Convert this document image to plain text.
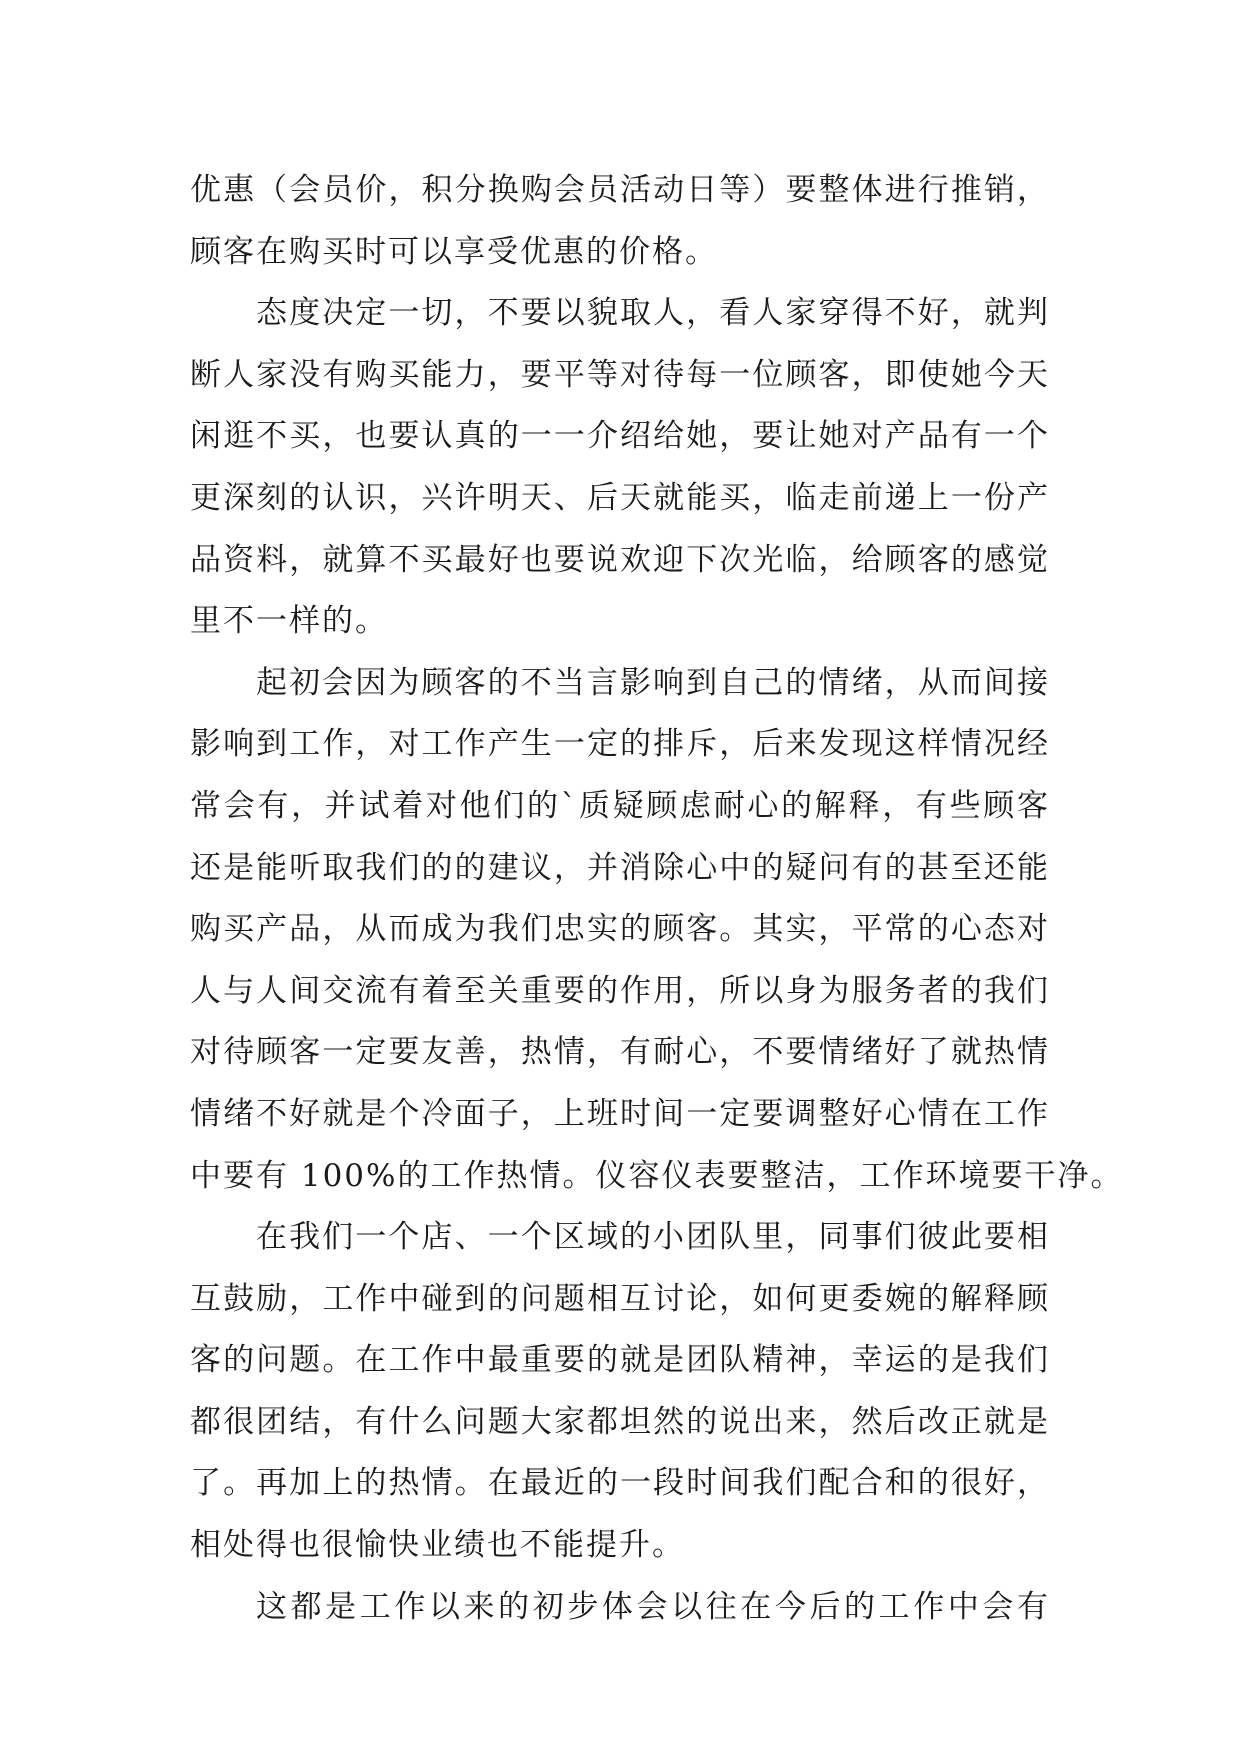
优惠（会员价，积分换购会员活动日等）要整体进行推销，
顾客在购买时可以享受优惠的价格。
态度决定一切，不要以貌取人，看人家穿得不好，就判
断人家没有购买能力，要平等对待每一位顾客，即使她今天
闲逛不买，也要认真的一一介绍给她，要让她对产品有一个
更深刻的认识，兴许明天、后天就能买，临走前递上一份产
品资料，就算不买最好也要说欢迎下次光临，给顾客的感觉
里不一样的。
起初会因为顾客的不当言影响到自己的情绪，从而间接
影响到工作，对工作产生一定的排斥，后来发现这样情况经
常会有，并试着对他们的`质疑顾虑耐心的解释，有些顾客
还是能听取我们的的建议，并消除心中的疑问有的甚至还能
购买产品，从而成为我们忠实的顾客。其实，平常的心态对
人与人间交流有着至关重要的作用，所以身为服务者的我们
对待顾客一定要友善，热情，有耐心，不要情绪好了就热情
情绪不好就是个冷面子，上班时间一定要调整好心情在工作
中要有 100%的工作热情。仪容仪表要整洁，工作环境要干净。
在我们一个店、一个区域的小团队里，同事们彼此要相
互鼓励，工作中碰到的问题相互讨论，如何更委婉的解释顾
客的问题。在工作中最重要的就是团队精神，幸运的是我们
都很团结，有什么问题大家都坦然的说出来，然后改正就是
了。再加上的热情。在最近的一段时间我们配合和的很好，
相处得也很愉快业绩也不能提升。
这都是工作以来的初步体会以往在今后的工作中会有
